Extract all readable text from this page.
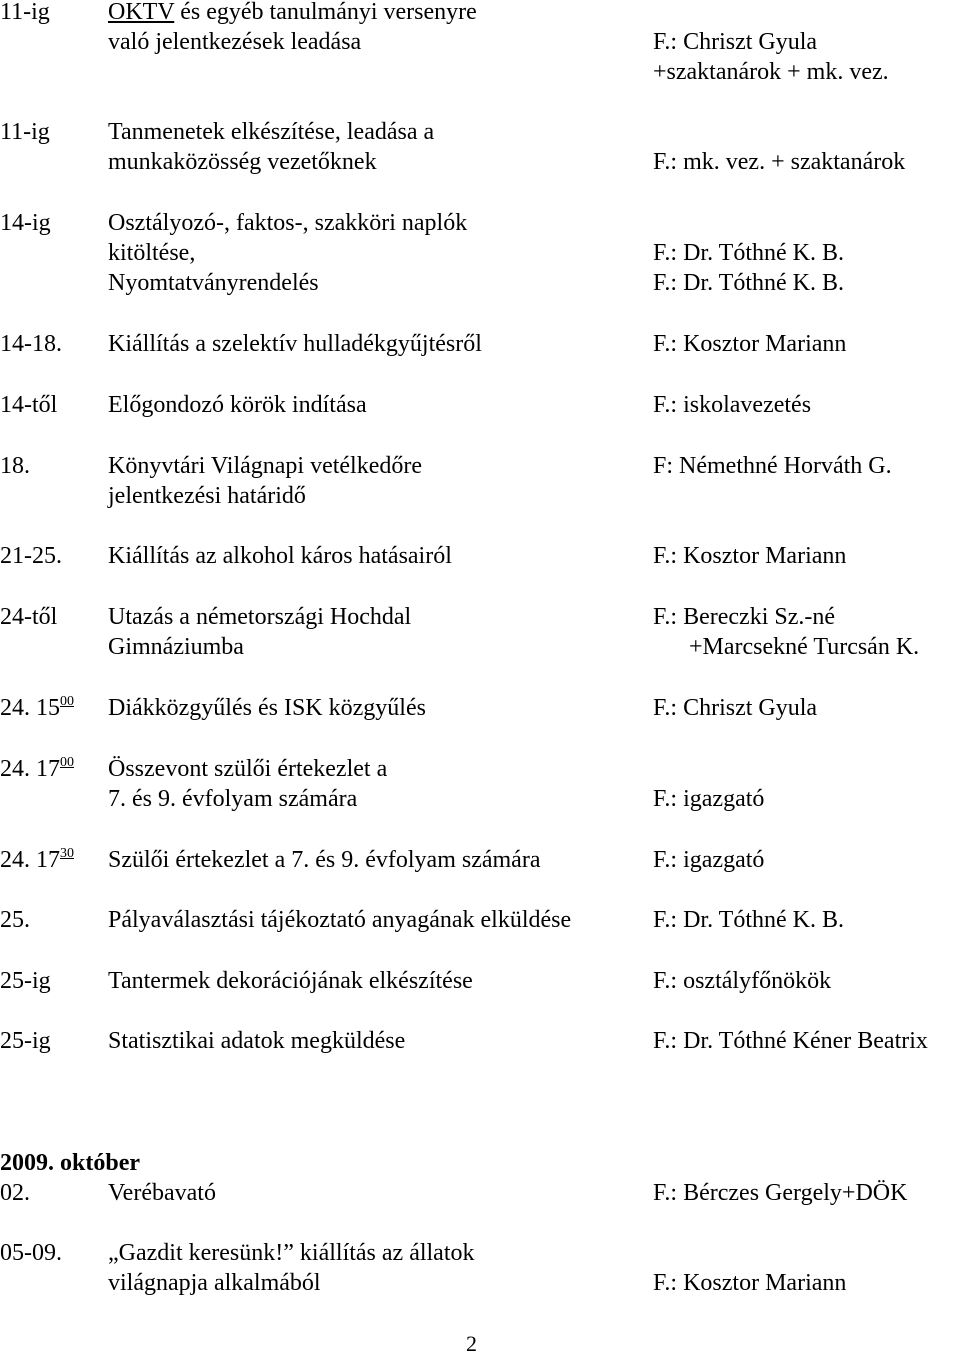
11-ig OKTV és egyéb tanulmányi versenyre
való jelentkezések leadása	F.: Chriszt Gyula
+szaktanárok + mk. vez.
11-ig Tanmenetek elkészítése, leadása a
munkaközösség vezetőknek	F.: mk. vez. + szaktanárok
14-ig Osztályozó-, faktos-, szakköri naplók
kitöltése,	F.: Dr. Tóthné K. B.
Nyomtatványrendelés	F.: Dr. Tóthné K. B.
14-18. Kiállítás a szelektív hulladékgyűjtésről	F.: Kosztor Mariann
14-től Előgondozó körök indítása	F.: iskolavezetés
18.	Könyvtári Világnapi vetélkedőre	F: Némethné Horváth G.
jelentkezési határidő
21-25. Kiállítás az alkohol káros hatásairól	F.: Kosztor Mariann
24-től Utazás a németországi Hochdal	F.: Bereczki Sz.-né
Gimnáziumba	+Marcsekné Turcsán K.
24. $15^{00}$ Diákközgyűlés és ISK közgyűlés	F.: Chriszt Gyula
24. $17^{00}$ Összevont szülői értekezlet a
7. és 9. évfolyam számára	F.: igazgató
24. $17^{30}$ Szülői értekezlet a 7. és 9. évfolyam számára	F.: igazgató
25.	Pályaválasztási tájékoztató anyagának elküldése	F.: Dr. Tóthné K. B.
25-ig Tantermek dekorációjának elkészítése	F.: osztályfőnökök
25-ig Statisztikai adatok megküldése	F.: Dr. Tóthné Kéner Beatrix
2009. október
02.	Verébavató	F.: Bérczes Gergely+DÖK
05-09. „Gazdit keresünk!” kiállítás az állatok
világnapja alkalmából	F.: Kosztor Mariann
2
